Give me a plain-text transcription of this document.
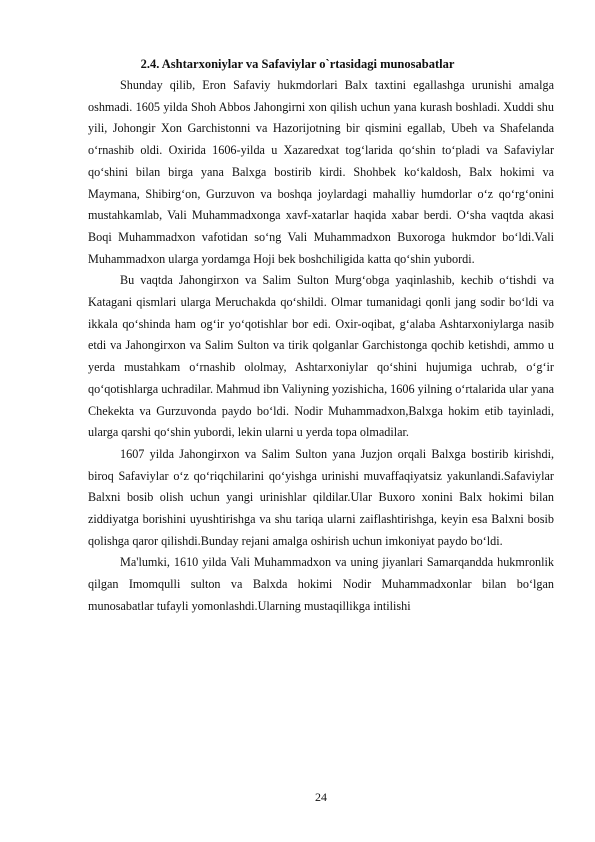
2.4. Ashtarxoniylar va Safaviylar o`rtasidagi munosabatlar

Shunday qilib, Eron Safaviy hukmdorlari Balx taxtini egallashga urunishi amalga oshmadi. 1605 yilda Shoh Abbos Jahongirni xon qilish uchun yana kurash boshladi. Xuddi shu yili, Johongir Xon Garchistonni va Hazorijotning bir qismini egallab, Ubeh va Shafelanda o‘rnashib oldi. Oxirida 1606-yilda u Xazaredxat tog‘larida qo‘shin to‘pladi va Safaviylar qo‘shini bilan birga yana Balxga bostirib kirdi. Shohbek ko‘kaldosh, Balx hokimi va Maymana, Shibirg‘on, Gurzuvon va boshqa joylardagi mahalliy humdorlar o‘z qo‘rg‘onini mustahkamlab, Vali Muhammadxonga xavf-xatarlar haqida xabar berdi. O‘sha vaqtda akasi Boqi Muhammadxon vafotidan so‘ng Vali Muhammadxon Buxoroga hukmdor bo‘ldi.Vali Muhammadxon ularga yordamga Hoji bek boshchiligida katta qo‘shin yubordi.

Bu vaqtda Jahongirxon va Salim Sulton Murg‘obga yaqinlashib, kechib o‘tishdi va Katagani qismlari ularga Meruchakda qo‘shildi. Olmar tumanidagi qonli jang sodir bo‘ldi va ikkala qo‘shinda ham og‘ir yo‘qotishlar bor edi. Oxir-oqibat, g‘alaba Ashtarxoniylarga nasib etdi va Jahongirxon va Salim Sulton va tirik qolganlar Garchistonga qochib ketishdi, ammo u yerda mustahkam o‘rnashib ololmay, Ashtarxoniylar qo‘shini hujumiga uchrab, o‘g‘ir qo‘qotishlarga uchradilar. Mahmud ibn Valiyning yozishicha, 1606 yilning o‘rtalarida ular yana Chekekta va Gurzuvonda paydo bo‘ldi. Nodir Muhammadxon,Balxga hokim etib tayinladi, ularga qarshi qo‘shin yubordi, lekin ularni u yerda topa olmadilar.

1607 yilda Jahongirxon va Salim Sulton yana Juzjon orqali Balxga bostirib kirishdi, biroq Safaviylar o‘z qo‘riqchilarini qo‘yishga urinishi muvaffaqiyatsiz yakunlandi.Safaviylar Balxni bosib olish uchun yangi urinishlar qildilar.Ular Buxoro xonini Balx hokimi bilan ziddiyatga borishini uyushtirishga va shu tariqa ularni zaiflashtirishga, keyin esa Balxni bosib qolishga qaror qilishdi.Bunday rejani amalga oshirish uchun imkoniyat paydo bo‘ldi.

Ma'lumki, 1610 yilda Vali Muhammadxon va uning jiyanlari Samarqandda hukmronlik qilgan Imomqulli sulton va Balxda hokimi Nodir Muhammadxonlar bilan bo‘lgan munosabatlar tufayli yomonlashdi.Ularning mustaqillikga intilishi

24
